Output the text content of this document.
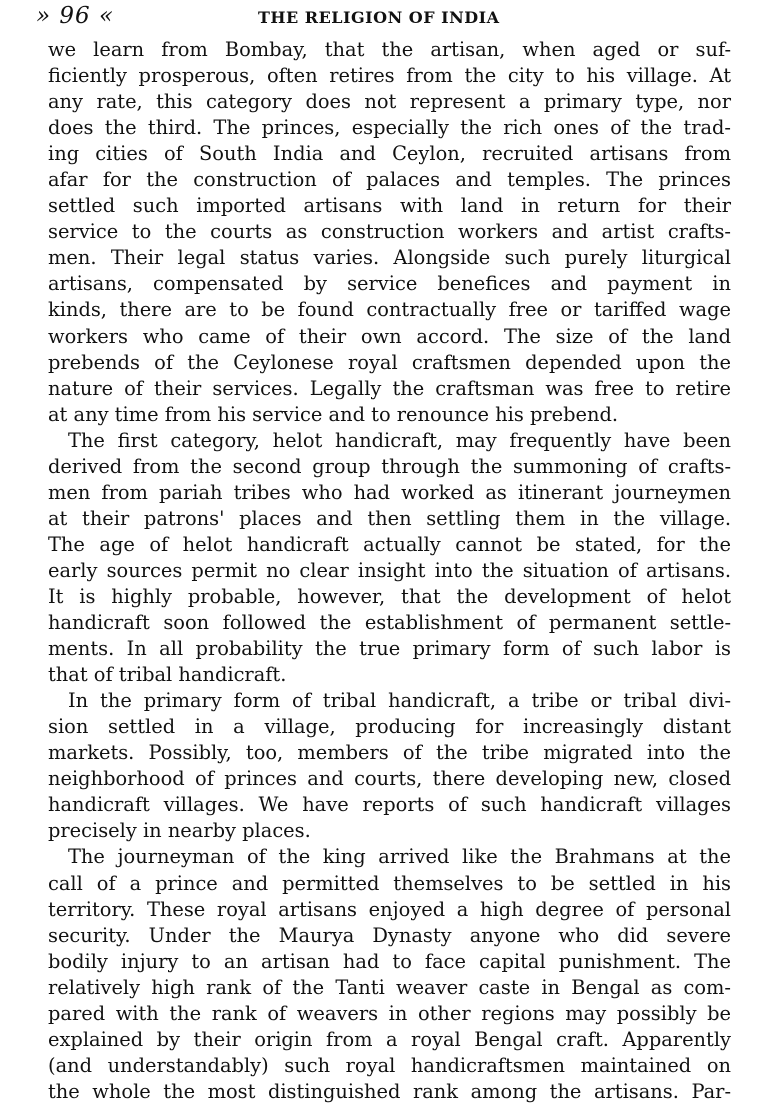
» 96 «	THE RELIGION OF INDIA
we learn from Bombay, that the artisan, when aged or suf-
ficiently prosperous, often retires from the city to his village. At
any rate, this category does not represent a primary type, nor
does the third. The princes, especially the rich ones of the trad-
ing cities of South India and Ceylon, recruited artisans from
afar for the construction of palaces and temples. The princes
settled such imported artisans with land in return for their
service to the courts as construction workers and artist crafts-
men. Their legal status varies. Alongside such purely liturgical
artisans, compensated by service benefices and payment in
kinds, there are to be found contractually free or tariffed wage
workers who came of their own accord. The size of the land
prebends of the Ceylonese royal craftsmen depended upon the
nature of their services. Legally the craftsman was free to retire
at any time from his service and to renounce his prebend.
The first category, helot handicraft, may frequently have been
derived from the second group through the summoning of crafts-
men from pariah tribes who had worked as itinerant journeymen
at their patrons' places and then settling them in the village.
The age of helot handicraft actually cannot be stated, for the
early sources permit no clear insight into the situation of artisans.
It is highly probable, however, that the development of helot
handicraft soon followed the establishment of permanent settle-
ments. In all probability the true primary form of such labor is
that of tribal handicraft.
In the primary form of tribal handicraft, a tribe or tribal divi-
sion settled in a village, producing for increasingly distant
markets. Possibly, too, members of the tribe migrated into the
neighborhood of princes and courts, there developing new, closed
handicraft villages. We have reports of such handicraft villages
precisely in nearby places.
The journeyman of the king arrived like the Brahmans at the
call of a prince and permitted themselves to be settled in his
territory. These royal artisans enjoyed a high degree of personal
security. Under the Maurya Dynasty anyone who did severe
bodily injury to an artisan had to face capital punishment. The
relatively high rank of the Tanti weaver caste in Bengal as com-
pared with the rank of weavers in other regions may possibly be
explained by their origin from a royal Bengal craft. Apparently
(and understandably) such royal handicraftsmen maintained on
the whole the most distinguished rank among the artisans. Par-
